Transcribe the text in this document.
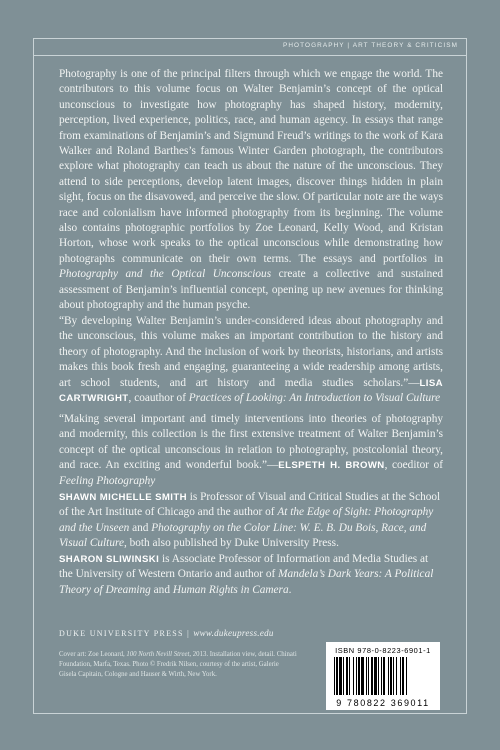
PHOTOGRAPHY | ART THEORY & CRITICISM

Photography is one of the principal filters through which we engage the world. The contributors to this volume focus on Walter Benjamin’s concept of the optical unconscious to investigate how photography has shaped history, modernity, perception, lived experience, politics, race, and human agency. In essays that range from examinations of Benjamin’s and Sigmund Freud’s writings to the work of Kara Walker and Roland Barthes’s famous Winter Garden photograph, the contributors explore what photography can teach us about the nature of the unconscious. They attend to side perceptions, develop latent images, discover things hidden in plain sight, focus on the disavowed, and perceive the slow. Of particular note are the ways race and colonialism have informed photography from its beginning. The volume also contains photographic portfolios by Zoe Leonard, Kelly Wood, and Kristan Horton, whose work speaks to the optical unconscious while demonstrating how photographs communicate on their own terms. The essays and portfolios in Photography and the Optical Unconscious create a collective and sustained assessment of Benjamin’s influential concept, opening up new avenues for thinking about photography and the human psyche.

“By developing Walter Benjamin’s under-considered ideas about photography and the unconscious, this volume makes an important contribution to the history and theory of photography. And the inclusion of work by theorists, historians, and artists makes this book fresh and engaging, guaranteeing a wide readership among artists, art school students, and art history and media studies scholars.”—LISA CARTWRIGHT, coauthor of Practices of Looking: An Introduction to Visual Culture

“Making several important and timely interventions into theories of photography and modernity, this collection is the first extensive treatment of Walter Benjamin’s concept of the optical unconscious in relation to photography, postcolonial theory, and race. An exciting and wonderful book.”—ELSPETH H. BROWN, coeditor of Feeling Photography

SHAWN MICHELLE SMITH is Professor of Visual and Critical Studies at the School of the Art Institute of Chicago and the author of At the Edge of Sight: Photography and the Unseen and Photography on the Color Line: W. E. B. Du Bois, Race, and Visual Culture, both also published by Duke University Press.

SHARON SLIWINSKI is Associate Professor of Information and Media Studies at the University of Western Ontario and author of Mandela’s Dark Years: A Political Theory of Dreaming and Human Rights in Camera.

DUKE UNIVERSITY PRESS | www.dukeupress.edu

Cover art: Zoe Leonard, 100 North Nevill Street, 2013. Installation view, detail. Chinati Foundation, Marfa, Texas. Photo © Fredrik Nilsen, courtesy of the artist, Galerie Gisela Capitain, Cologne and Hauser & Wirth, New York.

ISBN 978-0-8223-6901-1
9 780822 369011
